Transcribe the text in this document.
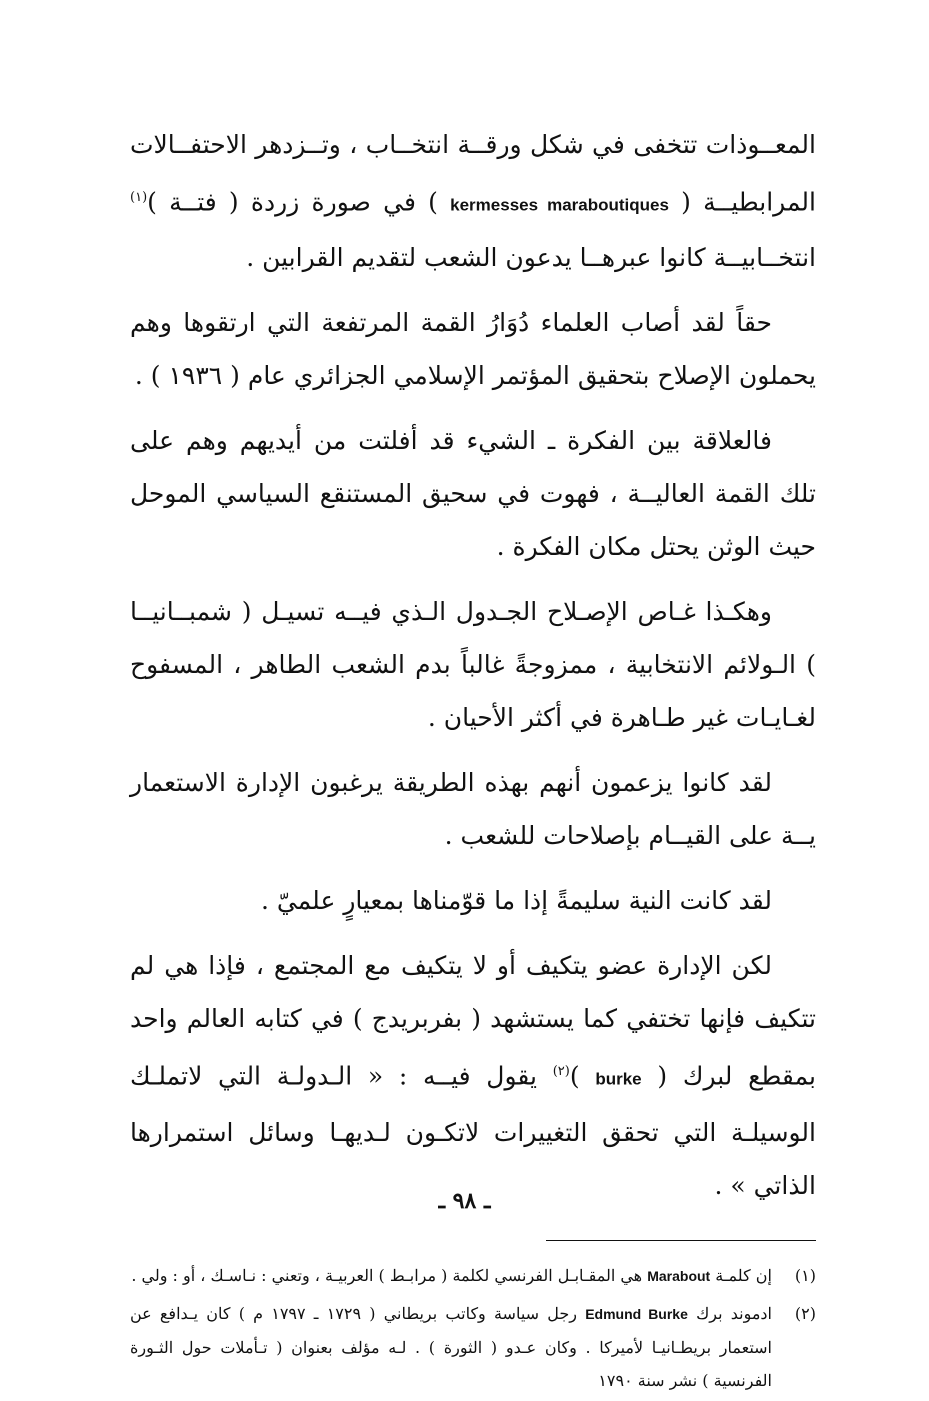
المعــوذات تتخفى في شكل ورقــة انتخــاب ، وتــزدهر الاحتفــالات المرابطيــة ( kermesses maraboutiques ) في صورة زردة ( فتــة )$^{(١)}$ انتخــابيــة كانوا عبرهــا يدعون الشعب لتقديم القرابين .

حقاً لقد أصاب العلماء دُوَارُ القمة المرتفعة التي ارتقوها وهم يحملون الإصلاح بتحقيق المؤتمر الإسلامي الجزائري عام ( ١٩٣٦ ) .

فالعلاقة بين الفكرة ـ الشيء قد أفلتت من أيديهم وهم على تلك القمة العاليــة ، فهوت في سحيق المستنقع السياسي الموحل حيث الوثن يحتل مكان الفكرة .

وهكـذا غـاص الإصـلاح الجـدول الـذي فيــه تسيـل ( شمبــانيــا ) الـولائم الانتخابية ، ممزوجةً غالباً بدم الشعب الطاهر ، المسفوح لغـايـات غير طـاهرة في أكثر الأحيان .

لقد كانوا يزعمون أنهم بهذه الطريقة يرغبون الإدارة الاستعمار يــة على القيــام بإصلاحات للشعب .

لقد كانت النية سليمةً إذا ما قوّمناها بمعيارٍ علميّ .

لكن الإدارة عضو يتكيف أو لا يتكيف مع المجتمع ، فإذا هي لم تتكيف فإنها تختفي كما يستشهد ( بفربريدج ) في كتابه العالم واحد بمقطع لبرك ( burke )$^{(٢)}$ يقول فيــه : « الـدولـة التي لاتملـك الوسيلـة التي تحقق التغييرات لاتكـون لـديهـا وسائل استمرارها الذاتي » .

(١)
إن كلمـة Marabout هي المقـابـل الفرنسي لكلمة ( مرابـط ) العربيـة ، وتعني : نـاسـك ، أو : ولي .
(٢)
ادموند برك Edmund Burke رجل سياسة وكاتب بريطاني ( ١٧٢٩ ـ ١٧٩٧ م ) كان يـدافع عن استعمار بريطـانيـا لأميركا . وكان عـدو ( الثورة ) . لـه مؤلف بعنوان ( تـأملات حول الثـورة الفرنسية ) نشر سنة ١٧٩٠
ـ ٩٨ ـ
